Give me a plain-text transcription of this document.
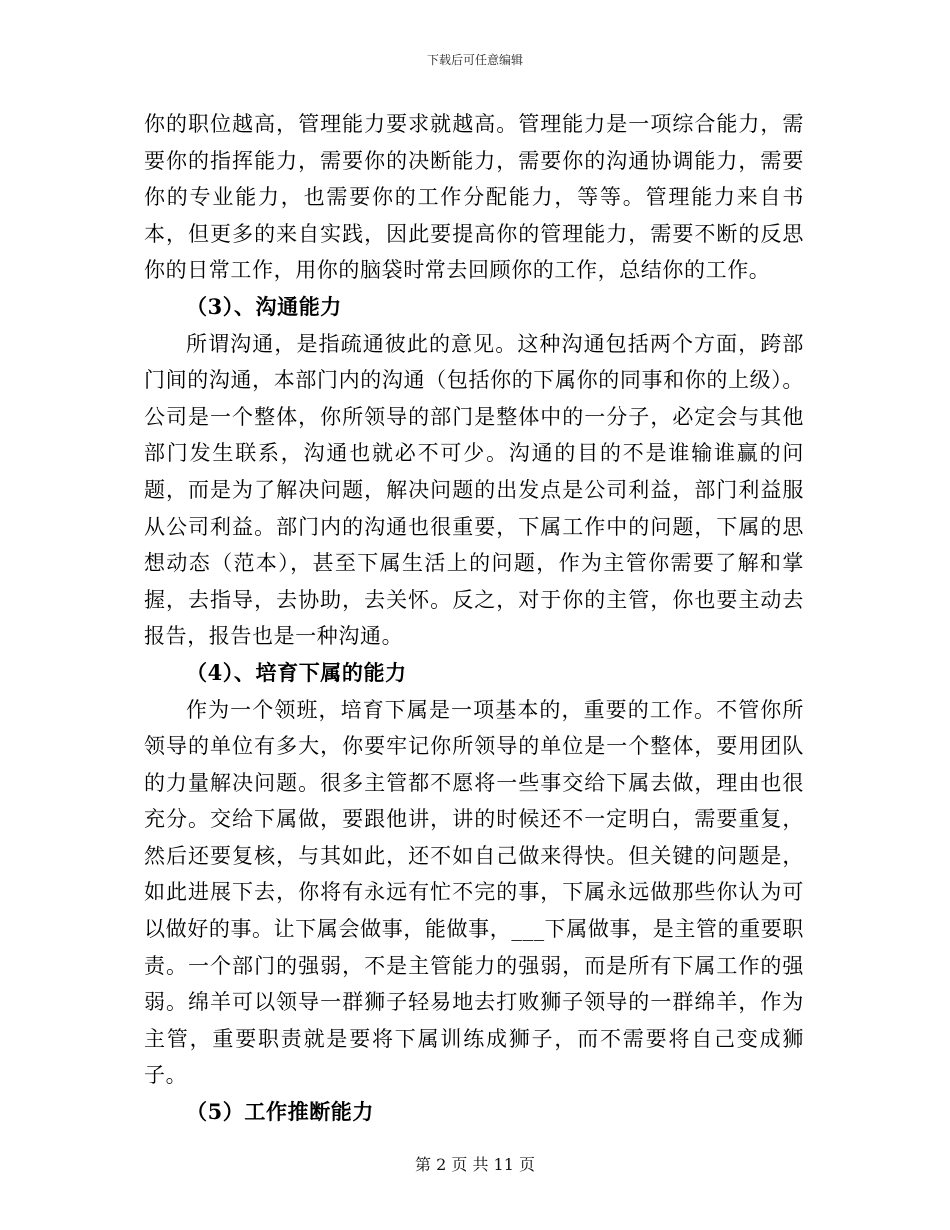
下载后可任意编辑

你的职位越高，管理能力要求就越高。管理能力是一项综合能力，需要你的指挥能力，需要你的决断能力，需要你的沟通协调能力，需要你的专业能力，也需要你的工作分配能力，等等。管理能力来自书本，但更多的来自实践，因此要提高你的管理能力，需要不断的反思你的日常工作，用你的脑袋时常去回顾你的工作，总结你的工作。

（3）、沟通能力

所谓沟通，是指疏通彼此的意见。这种沟通包括两个方面，跨部门间的沟通，本部门内的沟通（包括你的下属你的同事和你的上级）。公司是一个整体，你所领导的部门是整体中的一分子，必定会与其他部门发生联系，沟通也就必不可少。沟通的目的不是谁输谁赢的问题，而是为了解决问题，解决问题的出发点是公司利益，部门利益服从公司利益。部门内的沟通也很重要，下属工作中的问题，下属的思想动态（范本），甚至下属生活上的问题，作为主管你需要了解和掌握，去指导，去协助，去关怀。反之，对于你的主管，你也要主动去报告，报告也是一种沟通。

（4）、培育下属的能力

作为一个领班，培育下属是一项基本的，重要的工作。不管你所领导的单位有多大，你要牢记你所领导的单位是一个整体，要用团队的力量解决问题。很多主管都不愿将一些事交给下属去做，理由也很充分。交给下属做，要跟他讲，讲的时候还不一定明白，需要重复，然后还要复核，与其如此，还不如自己做来得快。但关键的问题是，如此进展下去，你将有永远有忙不完的事，下属永远做那些你认为可以做好的事。让下属会做事，能做事，___下属做事，是主管的重要职责。一个部门的强弱，不是主管能力的强弱，而是所有下属工作的强弱。绵羊可以领导一群狮子轻易地去打败狮子领导的一群绵羊，作为主管，重要职责就是要将下属训练成狮子，而不需要将自己变成狮子。

（5）工作推断能力

第 2 页 共 11 页
